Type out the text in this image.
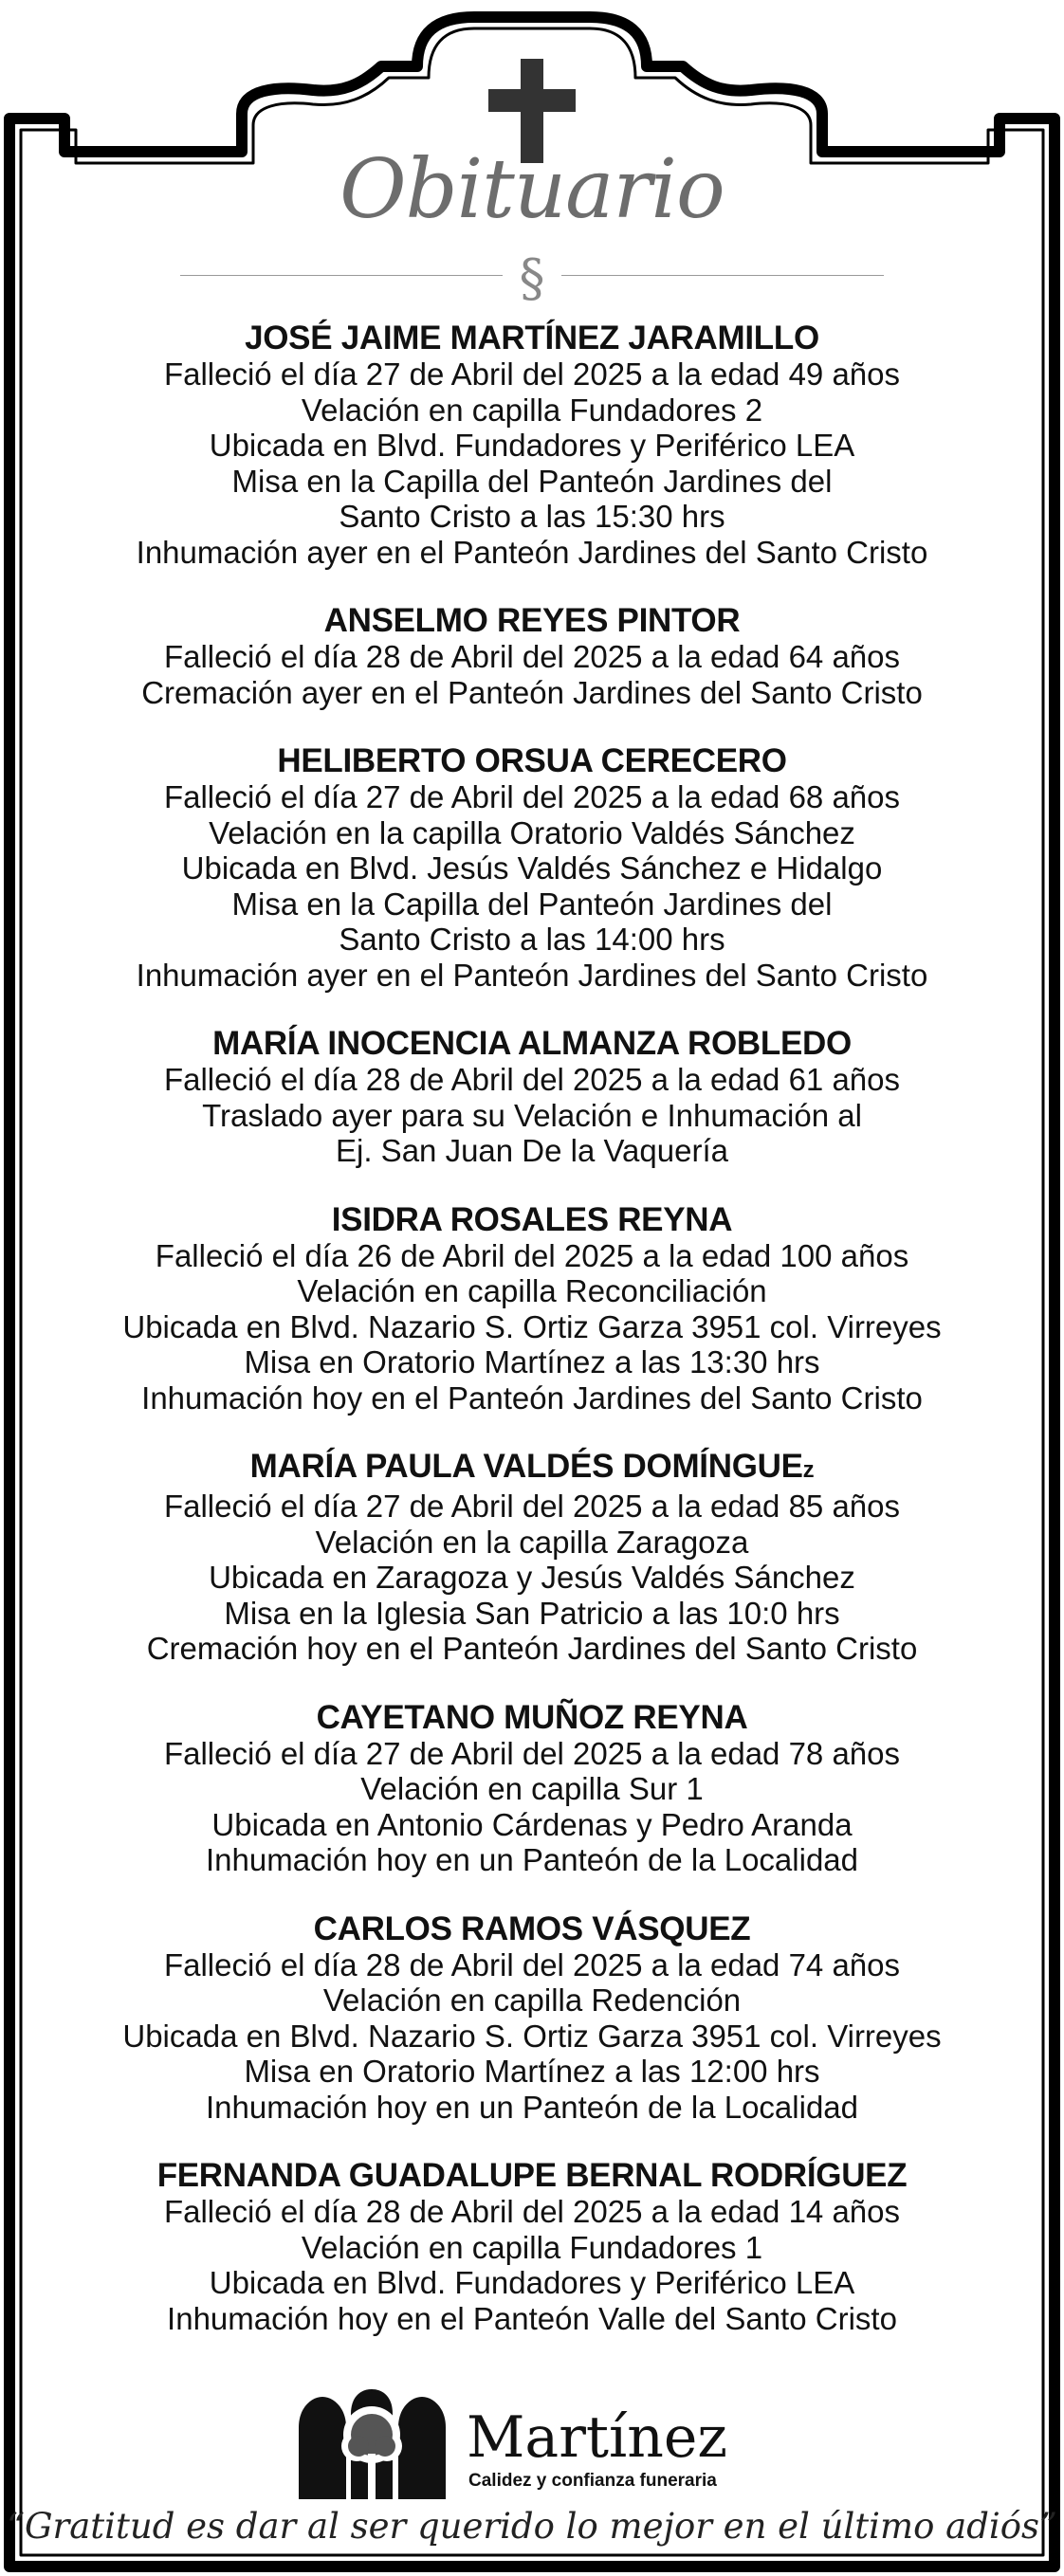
Obituario
§
JOSÉ JAIME MARTÍNEZ JARAMILLO
Falleció el día 27 de Abril del 2025 a la edad 49 años
Velación en capilla Fundadores 2
Ubicada en Blvd. Fundadores y Periférico LEA
Misa en la Capilla del Panteón Jardines del
Santo Cristo a las 15:30 hrs
Inhumación ayer en el Panteón Jardines del Santo Cristo
ANSELMO REYES PINTOR
Falleció el día 28 de Abril del 2025 a la edad 64 años
Cremación ayer en el Panteón Jardines del Santo Cristo
HELIBERTO ORSUA CERECERO
Falleció el día 27 de Abril del 2025 a la edad 68 años
Velación en la capilla Oratorio Valdés Sánchez
Ubicada en Blvd. Jesús Valdés Sánchez e Hidalgo
Misa en la Capilla del Panteón Jardines del
Santo Cristo a las 14:00 hrs
Inhumación ayer en el Panteón Jardines del Santo Cristo
MARÍA INOCENCIA ALMANZA ROBLEDO
Falleció el día 28 de Abril del 2025 a la edad 61 años
Traslado ayer para su Velación e Inhumación al
Ej. San Juan De la Vaquería
ISIDRA ROSALES REYNA
Falleció el día 26 de Abril del 2025 a la edad 100 años
Velación en capilla Reconciliación
Ubicada en Blvd. Nazario S. Ortiz Garza 3951 col. Virreyes
Misa en Oratorio Martínez a las 13:30 hrs
Inhumación hoy en el Panteón Jardines del Santo Cristo
MARÍA PAULA VALDÉS DOMÍNGUEz
Falleció el día 27 de Abril del 2025 a la edad 85 años
Velación en la capilla Zaragoza
Ubicada en Zaragoza y Jesús Valdés Sánchez
Misa en la Iglesia San Patricio a las 10:0 hrs
Cremación hoy en el Panteón Jardines del Santo Cristo
CAYETANO MUÑOZ REYNA
Falleció el día 27 de Abril del 2025 a la edad 78 años
Velación en capilla Sur 1
Ubicada en Antonio Cárdenas y Pedro Aranda
Inhumación hoy en un Panteón de la Localidad
CARLOS RAMOS VÁSQUEZ
Falleció el día 28 de Abril del 2025 a la edad 74 años
Velación en capilla Redención
Ubicada en Blvd. Nazario S. Ortiz Garza 3951 col. Virreyes
Misa en Oratorio Martínez a las 12:00 hrs
Inhumación hoy en un Panteón de la Localidad
FERNANDA GUADALUPE BERNAL RODRÍGUEZ
Falleció el día 28 de Abril del 2025 a la edad 14 años
Velación en capilla Fundadores 1
Ubicada en Blvd. Fundadores y Periférico LEA
Inhumación hoy en el Panteón Valle del Santo Cristo
Martínez
Calidez y confianza funeraria
“Gratitud es dar al ser querido lo mejor en el último adiós”
